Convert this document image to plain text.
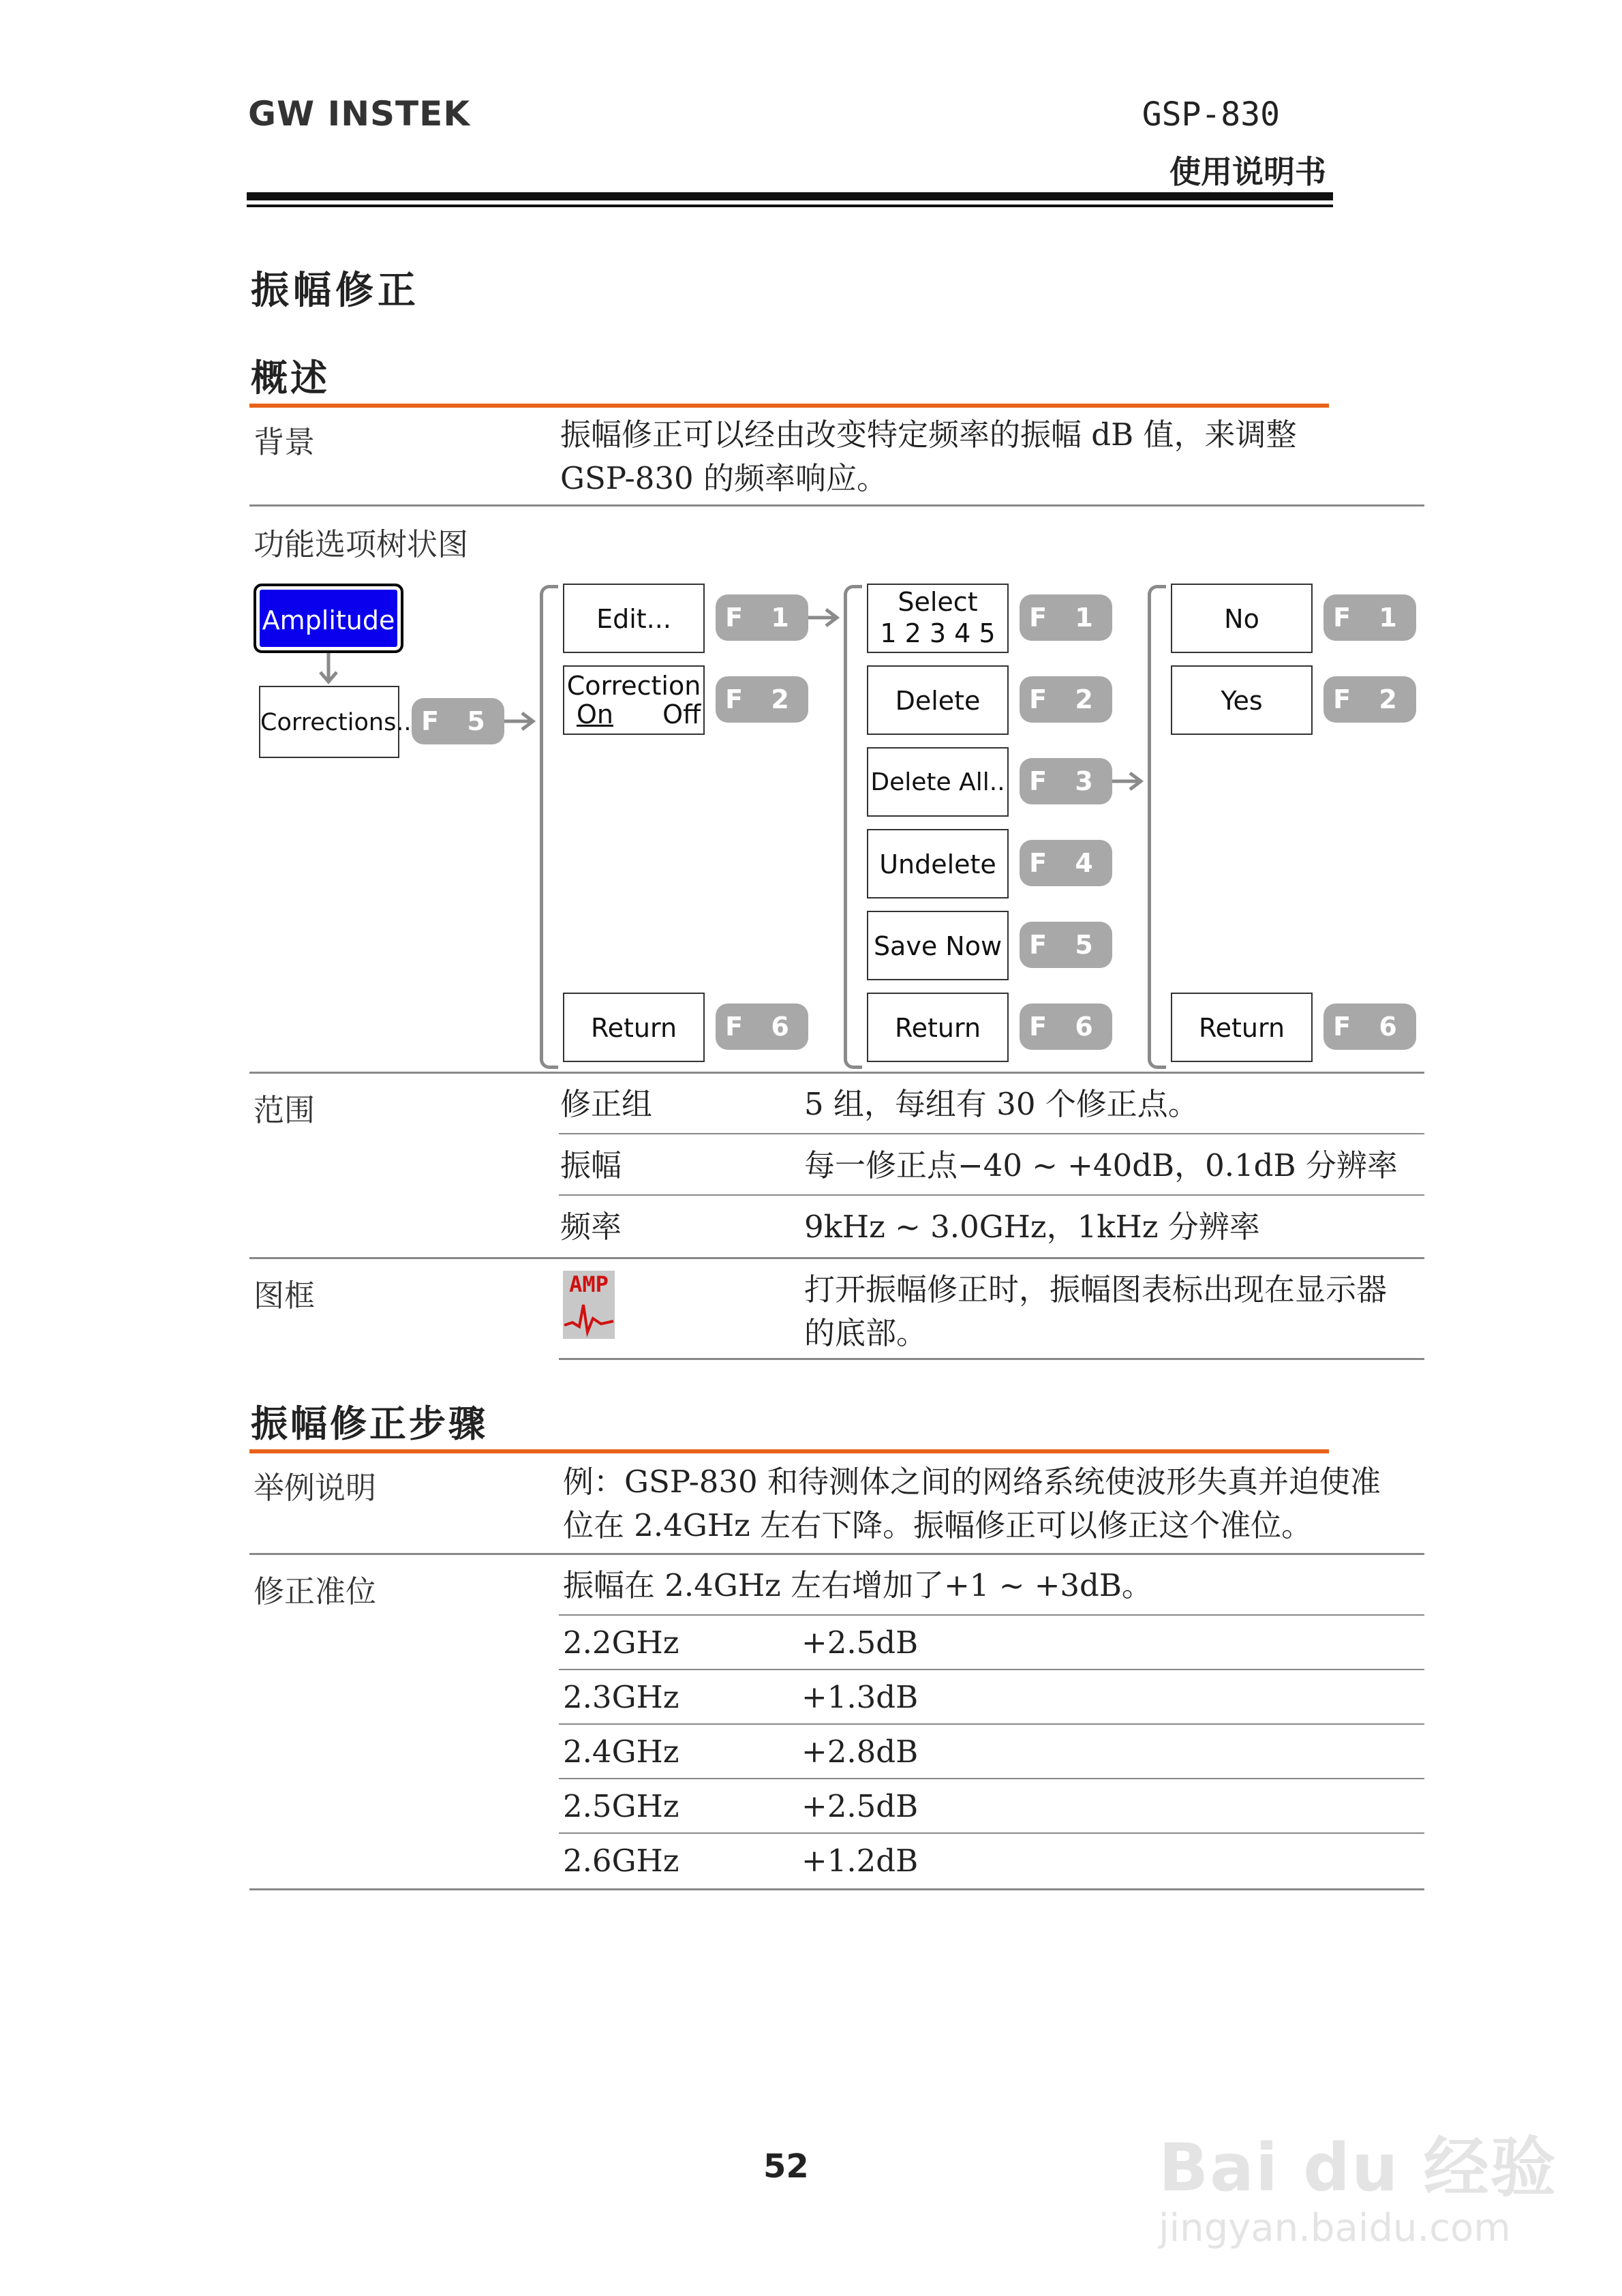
GW INSTEK	GSP-830
使用说明书
振幅修正
概述
背景	振幅修正可以经由改变特定频率的振幅 dB 值，来调整
GSP-830 的频率响应。
功能选项树状图
Amplitude
Corrections.. F 5
Edit...	F 1
Correction
On Off F 2
Return	F 6
Select
1 2 3 4 5
F 1
Delete	F 2
Delete All.. F 3
Undelete	F 4
Save Now	F 5
Return	F 6
No	F 1
Yes	F 2
Return	F 6
范围	修正组	5 组，每组有 30 个修正点。
振幅	每一修正点−40 ~ +40dB，0.1dB 分辨率
频率	9kHz ~ 3.0GHz，1kHz 分辨率
图框	AMP	打开振幅修正时，振幅图表标出现在显示器
的底部。
振幅修正步骤
举例说明	例：GSP-830 和待测体之间的网络系统使波形失真并迫使准
位在 2.4GHz 左右下降。振幅修正可以修正这个准位。
修正准位	振幅在 2.4GHz 左右增加了+1 ~ +3dB。
2.2GHz	+2.5dB
2.3GHz	+1.3dB
2.4GHz	+2.8dB
2.5GHz	+2.5dB
2.6GHz	+1.2dB
52	Bai du 经验
jingyan.baidu.com
